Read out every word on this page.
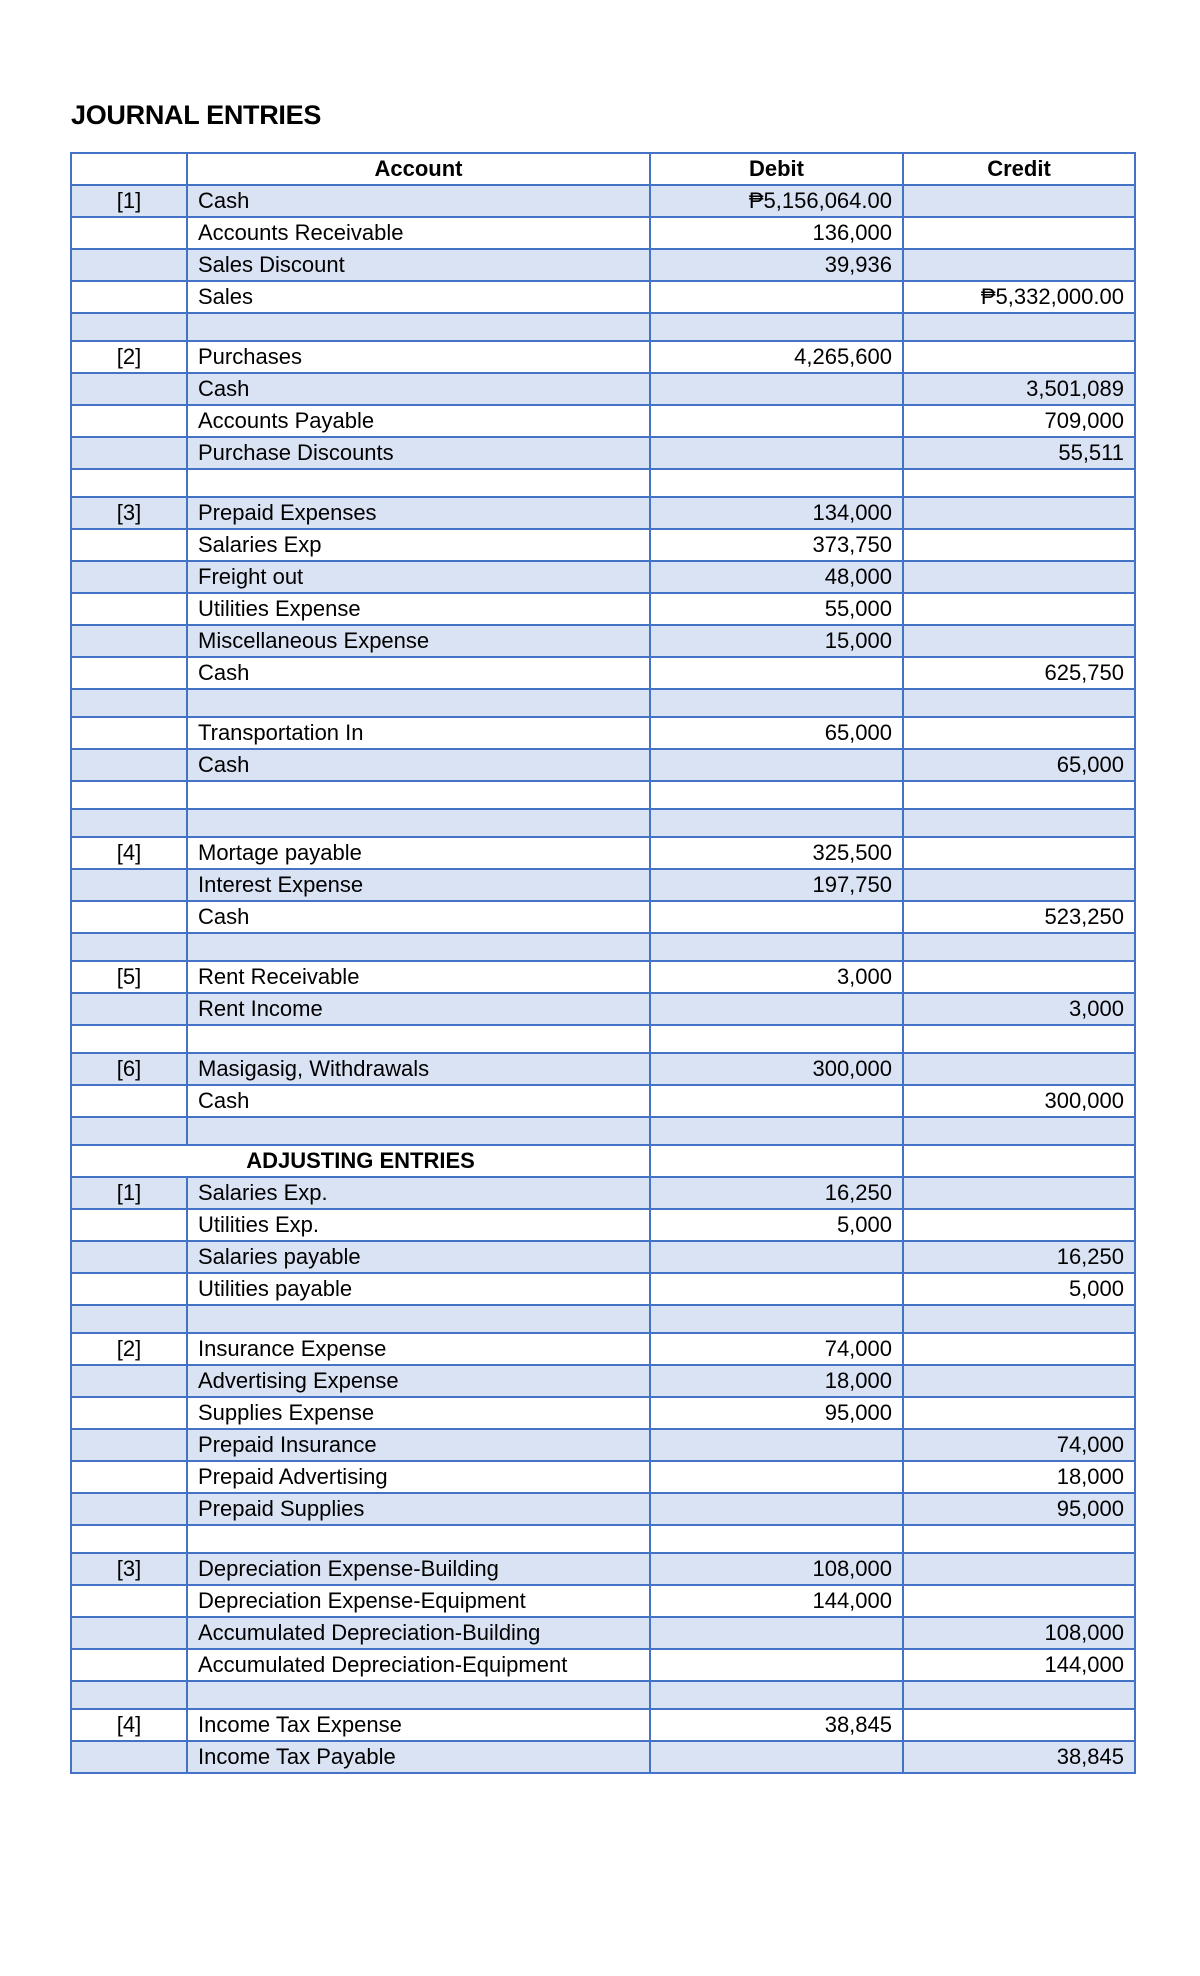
JOURNAL ENTRIES
	Account	Debit	Credit
[1]	Cash	₱5,156,064.00	
	Accounts Receivable	136,000	
	Sales Discount	39,936	
	Sales		₱5,332,000.00

[2]	Purchases	4,265,600	
	Cash		3,501,089
	Accounts Payable		709,000
	Purchase Discounts		55,511

[3]	Prepaid Expenses	134,000	
	Salaries Exp	373,750	
	Freight out	48,000	
	Utilities Expense	55,000	
	Miscellaneous Expense	15,000	
	Cash		625,750

	Transportation In	65,000	
	Cash		65,000

[4]	Mortage payable	325,500	
	Interest Expense	197,750	
	Cash		523,250

[5]	Rent Receivable	3,000	
	Rent Income		3,000

[6]	Masigasig, Withdrawals	300,000	
	Cash		300,000

ADJUSTING ENTRIES			
[1]	Salaries Exp.	16,250	
	Utilities Exp.	5,000	
	Salaries payable		16,250
	Utilities payable		5,000

[2]	Insurance Expense	74,000	
	Advertising Expense	18,000	
	Supplies Expense	95,000	
	Prepaid Insurance		74,000
	Prepaid Advertising		18,000
	Prepaid Supplies		95,000

[3]	Depreciation Expense-Building	108,000	
	Depreciation Expense-Equipment	144,000	
	Accumulated Depreciation-Building		108,000
	Accumulated Depreciation-Equipment		144,000

[4]	Income Tax Expense	38,845	
	Income Tax Payable		38,845
